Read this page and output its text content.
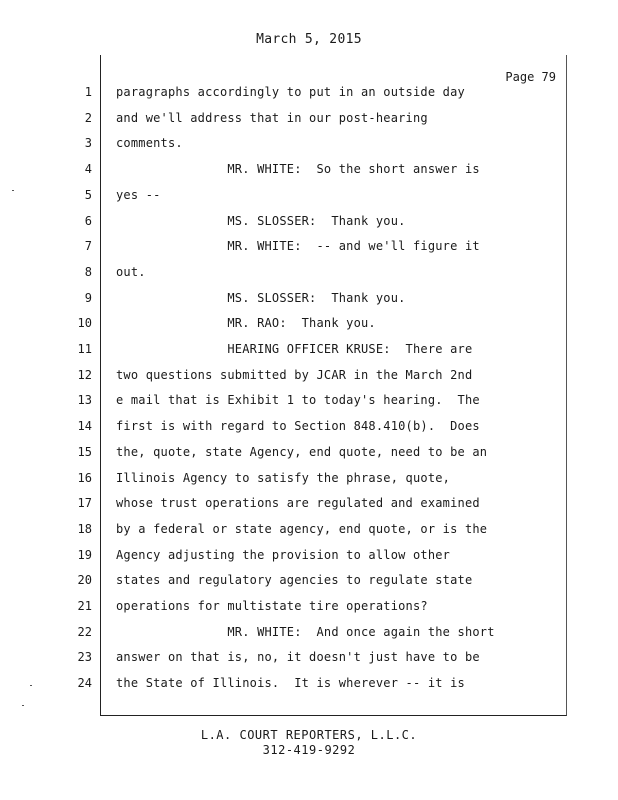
March 5, 2015
Page 79
1 paragraphs accordingly to put in an outside day
2 and we'll address that in our post-hearing
3 comments.
4 MR. WHITE:  So the short answer is
5 yes --
6 MS. SLOSSER:  Thank you.
7 MR. WHITE:  -- and we'll figure it
8 out.
9 MS. SLOSSER:  Thank you.
10 MR. RAO:  Thank you.
11 HEARING OFFICER KRUSE:  There are
12 two questions submitted by JCAR in the March 2nd
13 e mail that is Exhibit 1 to today's hearing.  The
14 first is with regard to Section 848.410(b).  Does
15 the, quote, state Agency, end quote, need to be an
16 Illinois Agency to satisfy the phrase, quote,
17 whose trust operations are regulated and examined
18 by a federal or state agency, end quote, or is the
19 Agency adjusting the provision to allow other
20 states and regulatory agencies to regulate state
21 operations for multistate tire operations?
22 MR. WHITE:  And once again the short
23 answer on that is, no, it doesn't just have to be
24 the State of Illinois.  It is wherever -- it is
L.A. COURT REPORTERS, L.L.C.
312-419-9292
